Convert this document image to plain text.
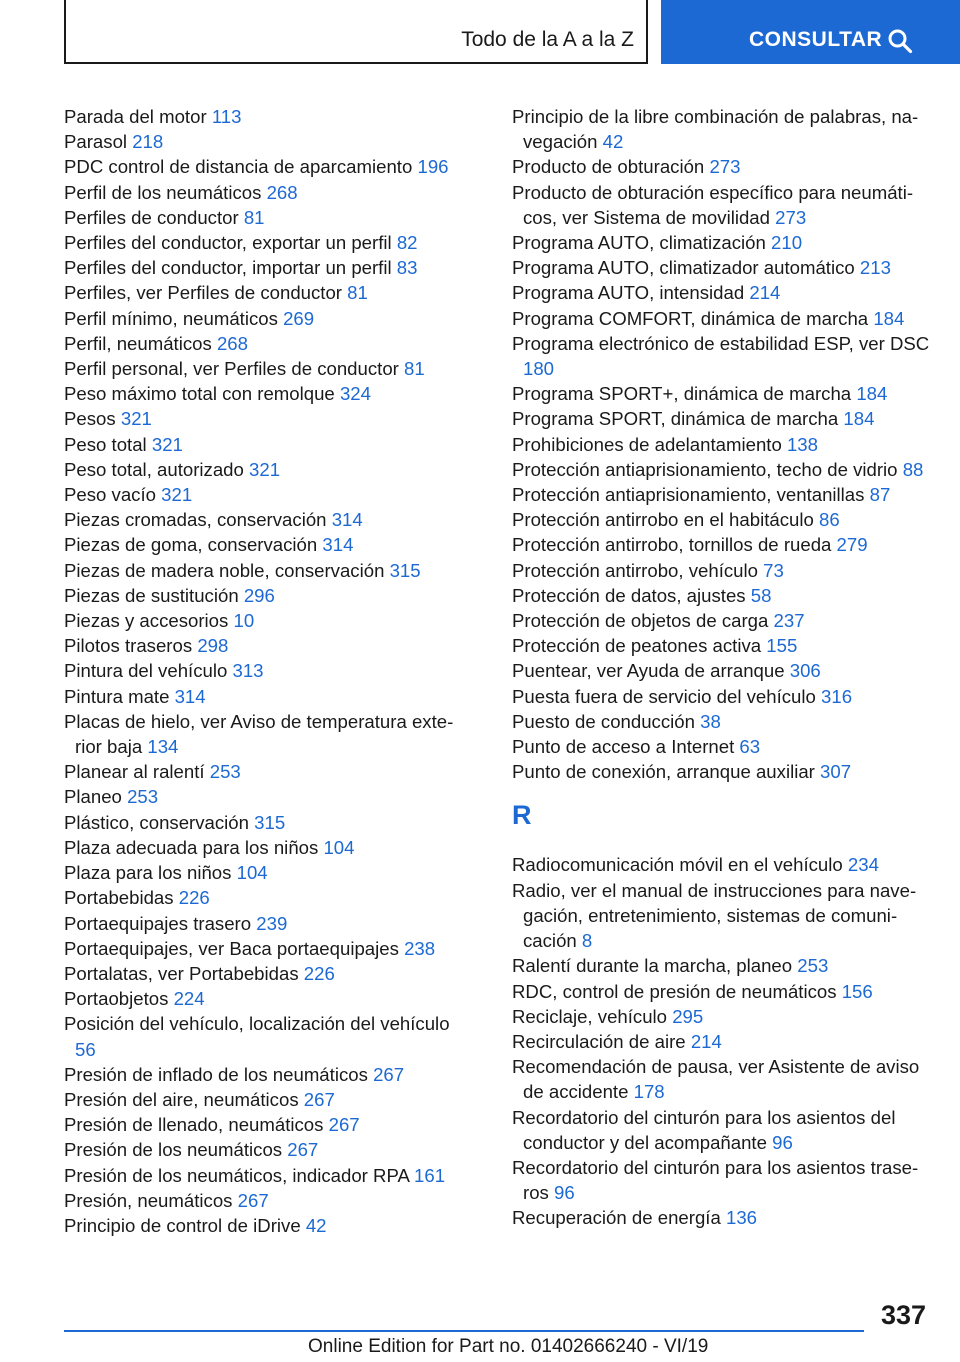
Todo de la A a la Z	CONSULTAR
Parada del motor 113
Parasol 218
PDC control de distancia de aparcamiento 196
Perfil de los neumáticos 268
Perfiles de conductor 81
Perfiles del conductor, exportar un perfil 82
Perfiles del conductor, importar un perfil 83
Perfiles, ver Perfiles de conductor 81
Perfil mínimo, neumáticos 269
Perfil, neumáticos 268
Perfil personal, ver Perfiles de conductor 81
Peso máximo total con remolque 324
Pesos 321
Peso total 321
Peso total, autorizado 321
Peso vacío 321
Piezas cromadas, conservación 314
Piezas de goma, conservación 314
Piezas de madera noble, conservación 315
Piezas de sustitución 296
Piezas y accesorios 10
Pilotos traseros 298
Pintura del vehículo 313
Pintura mate 314
Placas de hielo, ver Aviso de temperatura exterior baja 134
Planear al ralentí 253
Planeo 253
Plástico, conservación 315
Plaza adecuada para los niños 104
Plaza para los niños 104
Portabebidas 226
Portaequipajes trasero 239
Portaequipajes, ver Baca portaequipajes 238
Portalatas, ver Portabebidas 226
Portaobjetos 224
Posición del vehículo, localización del vehículo 56
Presión de inflado de los neumáticos 267
Presión del aire, neumáticos 267
Presión de llenado, neumáticos 267
Presión de los neumáticos 267
Presión de los neumáticos, indicador RPA 161
Presión, neumáticos 267
Principio de control de iDrive 42
Principio de la libre combinación de palabras, navegación 42
Producto de obturación 273
Producto de obturación específico para neumáticos, ver Sistema de movilidad 273
Programa AUTO, climatización 210
Programa AUTO, climatizador automático 213
Programa AUTO, intensidad 214
Programa COMFORT, dinámica de marcha 184
Programa electrónico de estabilidad ESP, ver DSC 180
Programa SPORT+, dinámica de marcha 184
Programa SPORT, dinámica de marcha 184
Prohibiciones de adelantamiento 138
Protección antiaprisionamiento, techo de vidrio 88
Protección antiaprisionamiento, ventanillas 87
Protección antirrobo en el habitáculo 86
Protección antirrobo, tornillos de rueda 279
Protección antirrobo, vehículo 73
Protección de datos, ajustes 58
Protección de objetos de carga 237
Protección de peatones activa 155
Puentear, ver Ayuda de arranque 306
Puesta fuera de servicio del vehículo 316
Puesto de conducción 38
Punto de acceso a Internet 63
Punto de conexión, arranque auxiliar 307
R
Radiocomunicación móvil en el vehículo 234
Radio, ver el manual de instrucciones para navegación, entretenimiento, sistemas de comunicación 8
Ralentí durante la marcha, planeo 253
RDC, control de presión de neumáticos 156
Reciclaje, vehículo 295
Recirculación de aire 214
Recomendación de pausa, ver Asistente de aviso de accidente 178
Recordatorio del cinturón para los asientos del conductor y del acompañante 96
Recordatorio del cinturón para los asientos traseros 96
Recuperación de energía 136
337
Online Edition for Part no. 01402666240 - VI/19
